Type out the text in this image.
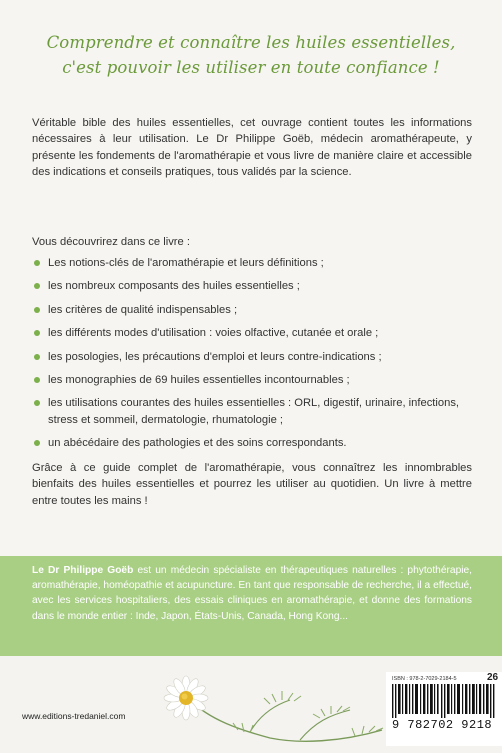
Comprendre et connaître les huiles essentielles,
c'est pouvoir les utiliser en toute confiance !

Véritable bible des huiles essentielles, cet ouvrage contient toutes les informations nécessaires à leur utilisation. Le Dr Philippe Goëb, médecin aromathérapeute, y présente les fondements de l'aromathérapie et vous livre de manière claire et accessible des indications et conseils pratiques, tous validés par la science.

Vous découvrirez dans ce livre :

Les notions-clés de l'aromathérapie et leurs définitions ;
les nombreux composants des huiles essentielles ;
les critères de qualité indispensables ;
les différents modes d'utilisation : voies olfactive, cutanée et orale ;
les posologies, les précautions d'emploi et leurs contre-indications ;
les monographies de 69 huiles essentielles incontournables ;
les utilisations courantes des huiles essentielles : ORL, digestif, urinaire, infections, stress et sommeil, dermatologie, rhumatologie ;
un abécédaire des pathologies et des soins correspondants.

Grâce à ce guide complet de l'aromathérapie, vous connaîtrez les innombrables bienfaits des huiles essentielles et pourrez les utiliser au quotidien. Un livre à mettre entre toutes les mains !

Le Dr Philippe Goëb est un médecin spécialiste en thérapeutiques naturelles : phytothérapie, aromathérapie, homéopathie et acupuncture. En tant que responsable de recherche, il a effectué, avec les services hospitaliers, des essais cliniques en aromathérapie, et donne des formations dans le monde entier : Inde, Japon, États-Unis, Canada, Hong Kong...

www.editions-tredaniel.com
ISBN : 978-2-7029-2184-5	26
9 782702 9218
